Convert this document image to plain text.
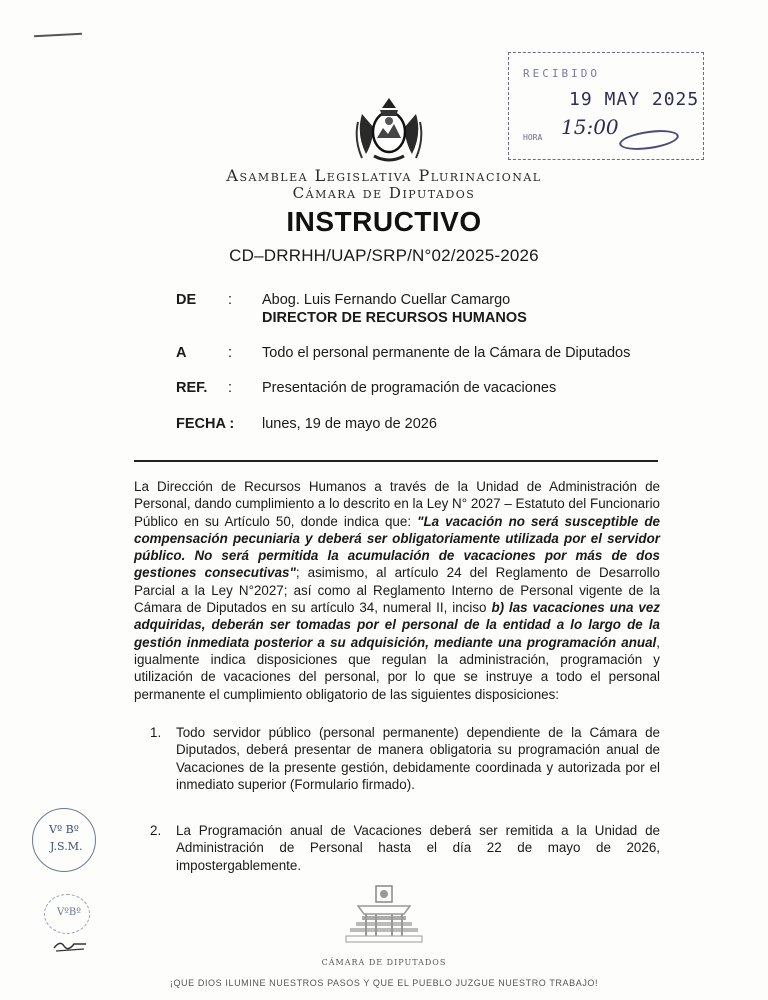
RECIBIDO
19 MAY 2025
HORA 15:00
Asamblea Legislativa Plurinacional
Cámara de Diputados
INSTRUCTIVO
CD–DRRHH/UAP/SRP/N°02/2025-2026
DE	: Abog. Luis Fernando Cuellar Camargo
DIRECTOR DE RECURSOS HUMANOS
A	: Todo el personal permanente de la Cámara de Diputados
REF.	: Presentación de programación de vacaciones
FECHA :	lunes, 19 de mayo de 2026
La Dirección de Recursos Humanos a través de la Unidad de Administración de Personal, dando cumplimiento a lo descrito en la Ley N° 2027 – Estatuto del Funcionario Público en su Artículo 50, donde indica que: "La vacación no será susceptible de compensación pecuniaria y deberá ser obligatoriamente utilizada por el servidor público. No será permitida la acumulación de vacaciones por más de dos gestiones consecutivas"; asimismo, al artículo 24 del Reglamento de Desarrollo Parcial a la Ley N°2027; así como al Reglamento Interno de Personal vigente de la Cámara de Diputados en su artículo 34, numeral II, inciso b) las vacaciones una vez adquiridas, deberán ser tomadas por el personal de la entidad a lo largo de la gestión inmediata posterior a su adquisición, mediante una programación anual, igualmente indica disposiciones que regulan la administración, programación y utilización de vacaciones del personal, por lo que se instruye a todo el personal permanente el cumplimiento obligatorio de las siguientes disposiciones:
1.	Todo servidor público (personal permanente) dependiente de la Cámara de Diputados, deberá presentar de manera obligatoria su programación anual de Vacaciones de la presente gestión, debidamente coordinada y autorizada por el inmediato superior (Formulario firmado).
2.	La Programación anual de Vacaciones deberá ser remitida a la Unidad de Administración de Personal hasta el día 22 de mayo de 2026, impostergablemente.
Vº Bº
J.S.M.
VºBº
CÁMARA DE DIPUTADOS
¡QUE DIOS ILUMINE NUESTROS PASOS Y QUE EL PUEBLO JUZGUE NUESTRO TRABAJO!
